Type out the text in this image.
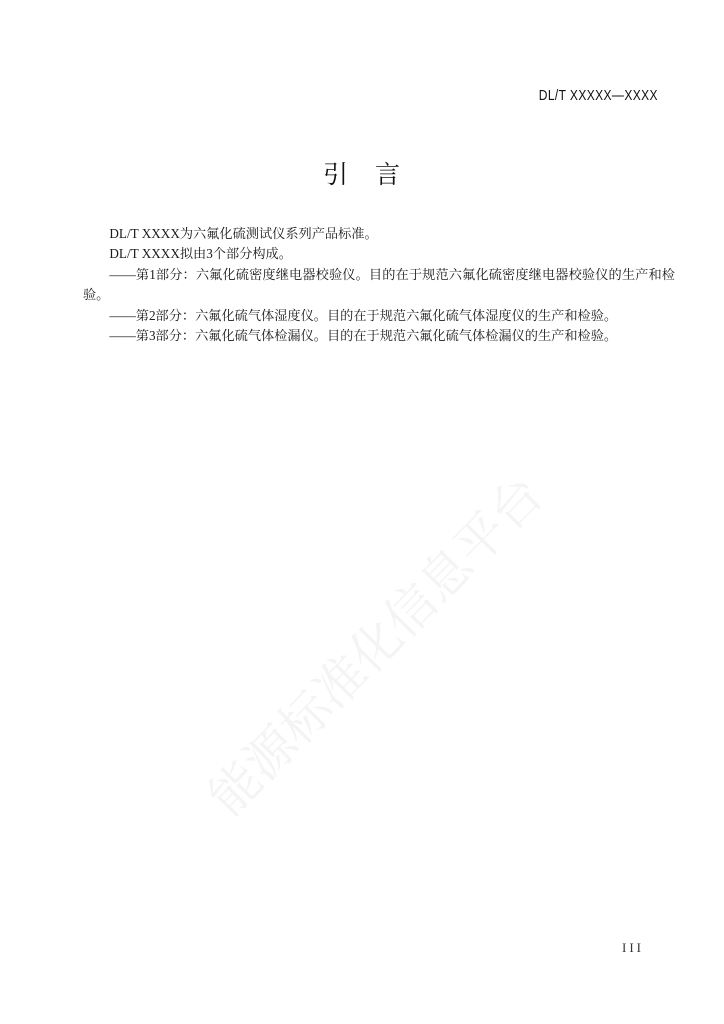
能源标准化信息平台
DL/T XXXXX—XXXX
引　言

DL/T XXXX为六氟化硫测试仪系列产品标准。

DL/T XXXX拟由3个部分构成。

——第1部分：六氟化硫密度继电器校验仪。目的在于规范六氟化硫密度继电器校验仪的生产和检验。

——第2部分：六氟化硫气体湿度仪。目的在于规范六氟化硫气体湿度仪的生产和检验。

——第3部分：六氟化硫气体检漏仪。目的在于规范六氟化硫气体检漏仪的生产和检验。

III
